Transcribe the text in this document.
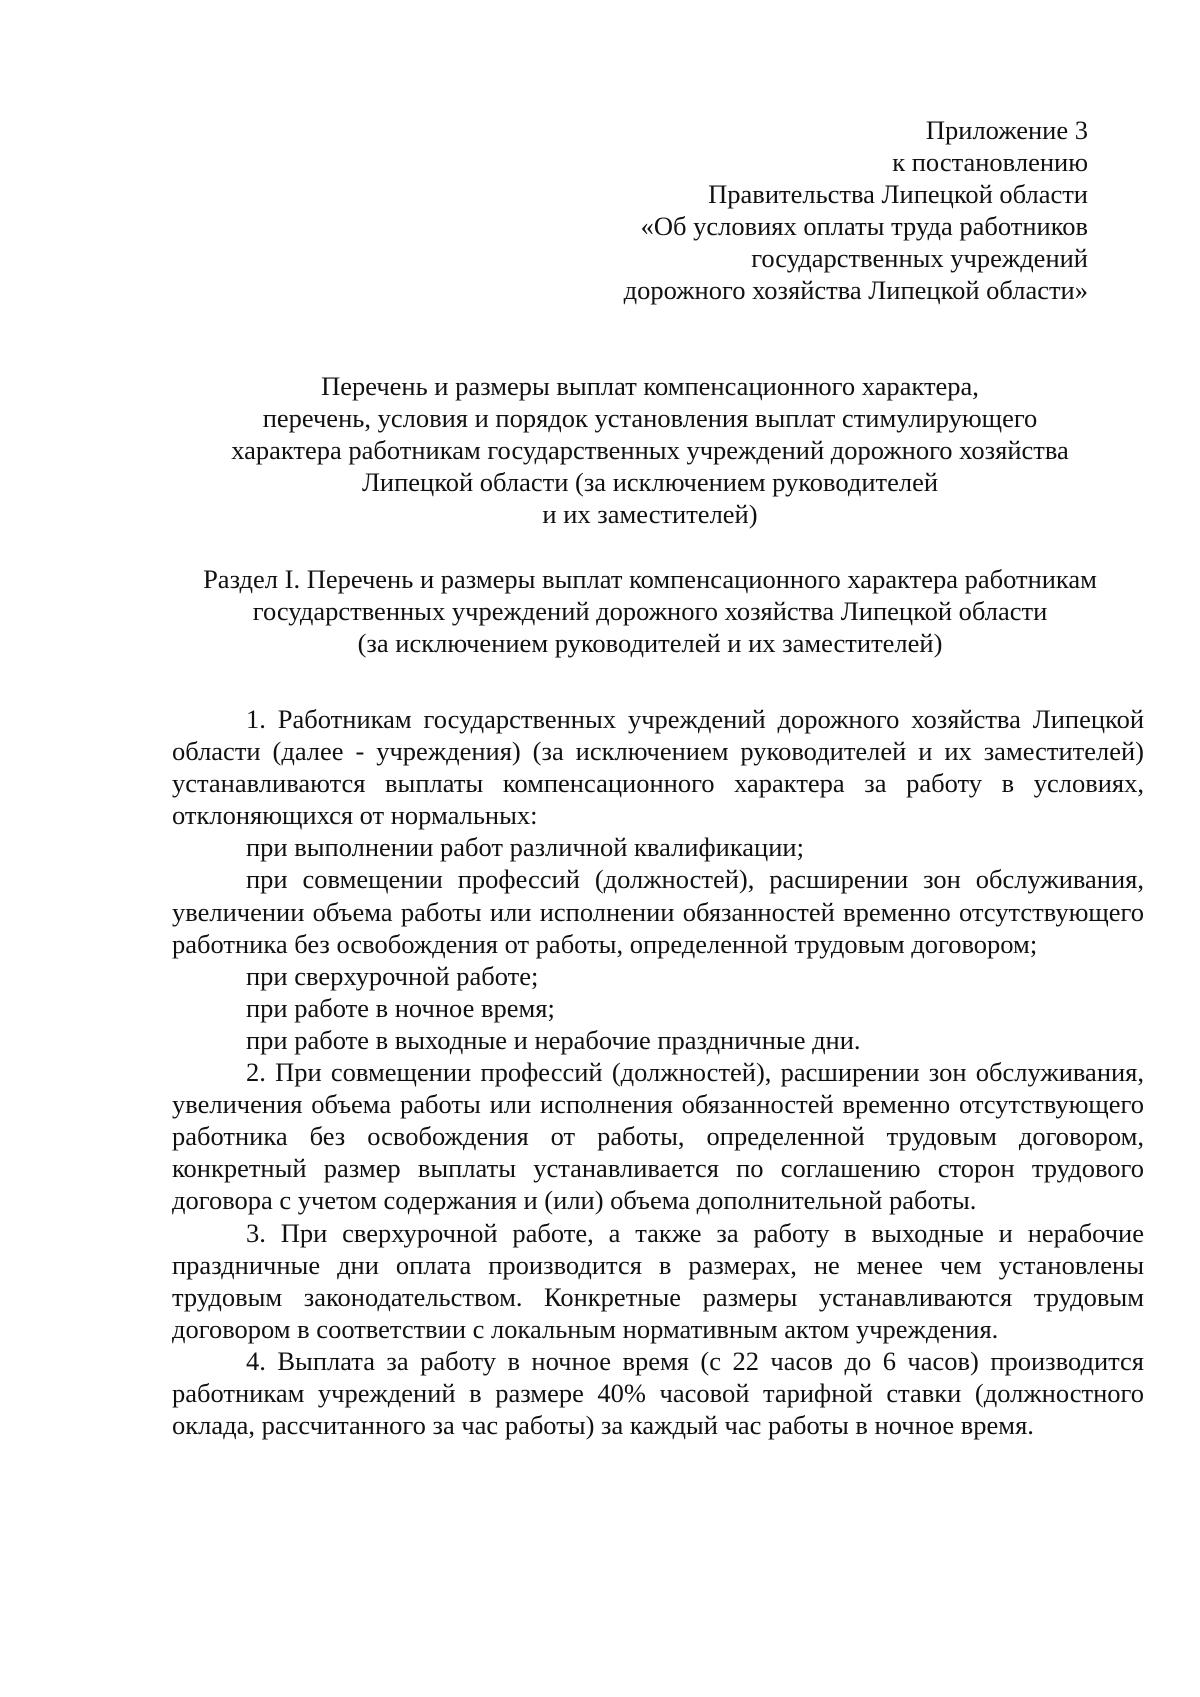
Приложение 3
к постановлению
Правительства Липецкой области
«Об условиях оплаты труда работников
государственных учреждений
дорожного хозяйства Липецкой области»
Перечень и размеры выплат компенсационного характера,
перечень, условия и порядок установления выплат стимулирующего
характера работникам государственных учреждений дорожного хозяйства
Липецкой области (за исключением руководителей
и их заместителей)
Раздел I. Перечень и размеры выплат компенсационного характера работникам
государственных учреждений дорожного хозяйства Липецкой области
(за исключением руководителей и их заместителей)

1. Работникам государственных учреждений дорожного хозяйства Липецкой области (далее - учреждения) (за исключением руководителей и их заместителей) устанавливаются выплаты компенсационного характера за работу в условиях, отклоняющихся от нормальных:

при выполнении работ различной квалификации;

при совмещении профессий (должностей), расширении зон обслуживания, увеличении объема работы или исполнении обязанностей временно отсутствующего работника без освобождения от работы, определенной трудовым договором;

при сверхурочной работе;

при работе в ночное время;

при работе в выходные и нерабочие праздничные дни.

2. При совмещении профессий (должностей), расширении зон обслуживания, увеличения объема работы или исполнения обязанностей временно отсутствующего работника без освобождения от работы, определенной трудовым договором, конкретный размер выплаты устанавливается по соглашению сторон трудового договора с учетом содержания и (или) объема дополнительной работы.

3. При сверхурочной работе, а также за работу в выходные и нерабочие праздничные дни оплата производится в размерах, не менее чем установлены трудовым законодательством. Конкретные размеры устанавливаются трудовым договором в соответствии с локальным нормативным актом учреждения.

4. Выплата за работу в ночное время (с 22 часов до 6 часов) производится работникам учреждений в размере 40% часовой тарифной ставки (должностного оклада, рассчитанного за час работы) за каждый час работы в ночное время.
